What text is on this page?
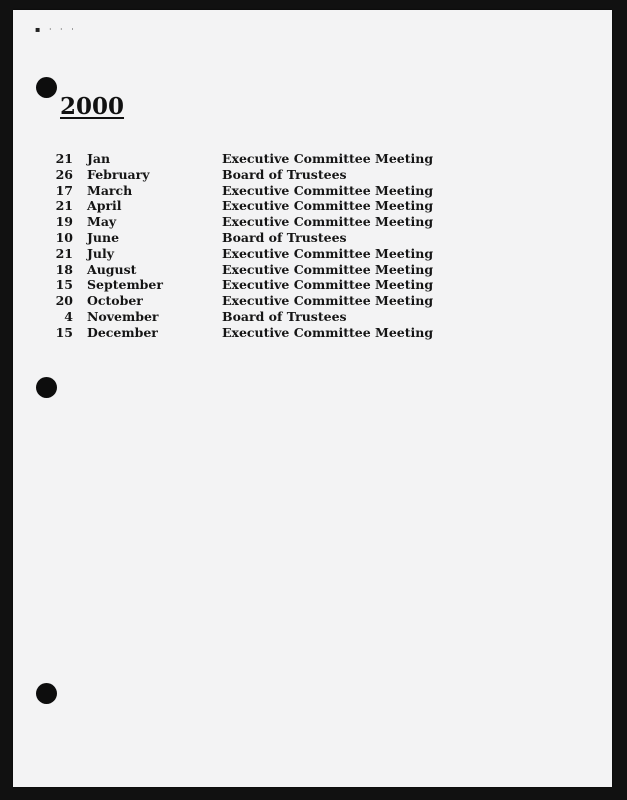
▪ · · ·
2000
21 Jan	Executive Committee Meeting
26 February	Board of Trustees
17 March	Executive Committee Meeting
21 April	Executive Committee Meeting
19 May	Executive Committee Meeting
10 June	Board of Trustees
21 July	Executive Committee Meeting
18 August	Executive Committee Meeting
15 September	Executive Committee Meeting
20 October	Executive Committee Meeting
4 November	Board of Trustees
15 December	Executive Committee Meeting
